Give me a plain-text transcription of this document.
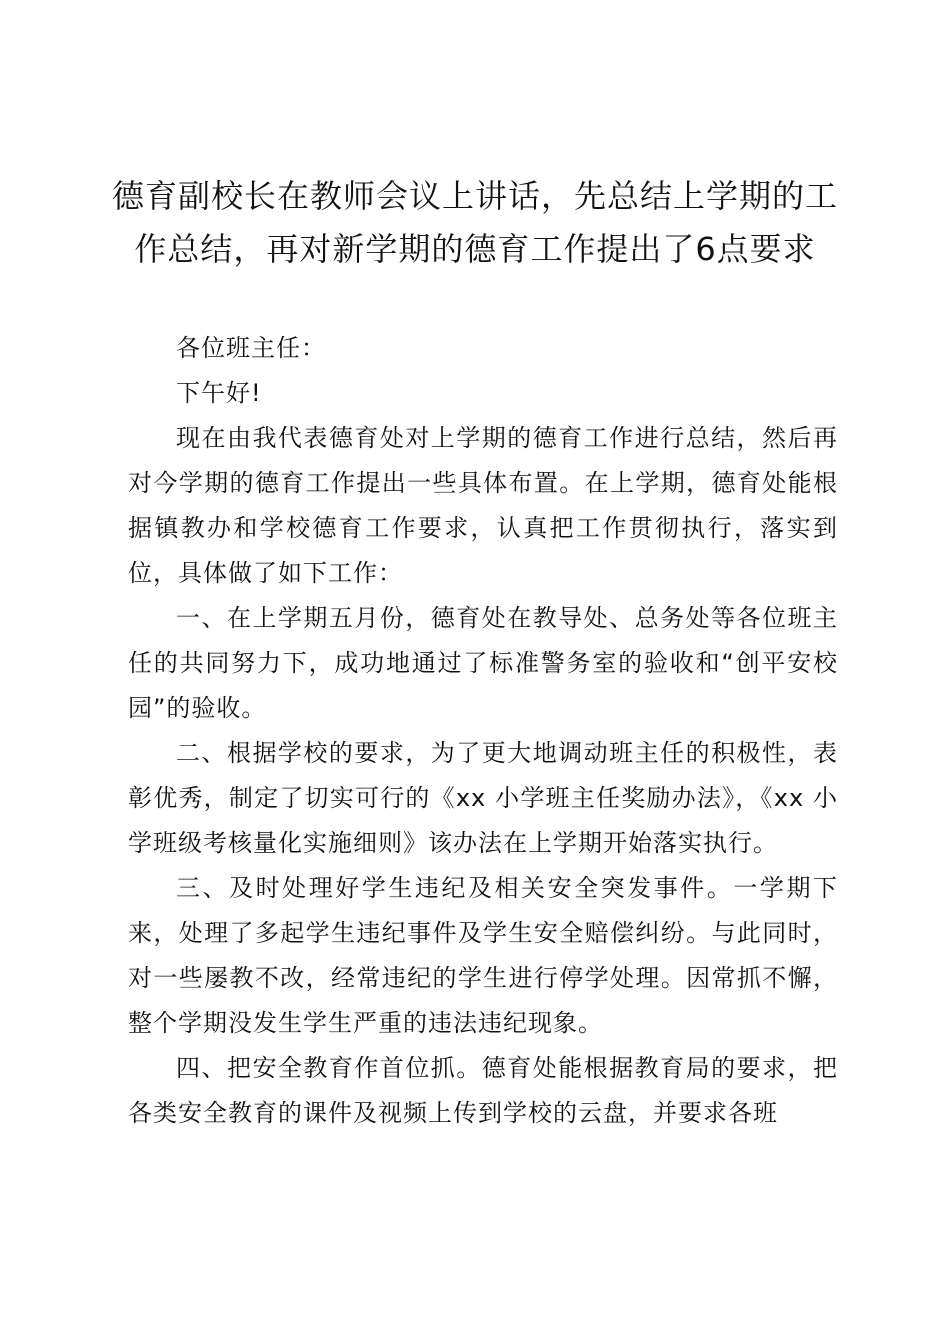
德育副校长在教师会议上讲话，先总结上学期的工作总结，再对新学期的德育工作提出了6点要求

各位班主任：

下午好!

现在由我代表德育处对上学期的德育工作进行总结，然后再对今学期的德育工作提出一些具体布置。在上学期，德育处能根据镇教办和学校德育工作要求，认真把工作贯彻执行，落实到位，具体做了如下工作：

一、在上学期五月份，德育处在教导处、总务处等各位班主任的共同努力下，成功地通过了标准警务室的验收和“创平安校园”的验收。

二、根据学校的要求，为了更大地调动班主任的积极性，表彰优秀，制定了切实可行的《xx 小学班主任奖励办法》，《xx 小学班级考核量化实施细则》该办法在上学期开始落实执行。

三、及时处理好学生违纪及相关安全突发事件。一学期下来，处理了多起学生违纪事件及学生安全赔偿纠纷。与此同时，对一些屡教不改，经常违纪的学生进行停学处理。因常抓不懈，整个学期没发生学生严重的违法违纪现象。

四、把安全教育作首位抓。德育处能根据教育局的要求，把各类安全教育的课件及视频上传到学校的云盘，并要求各班
